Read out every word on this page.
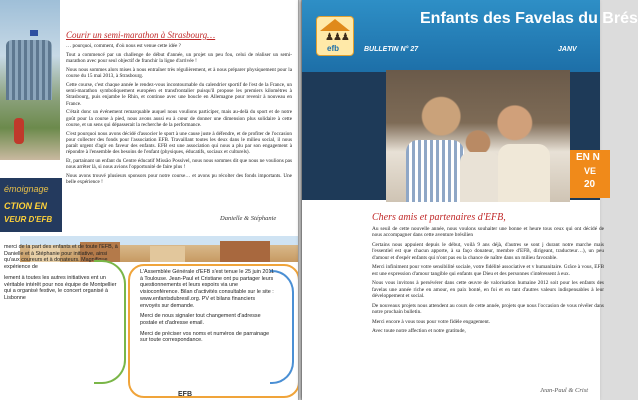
émoignage
CTION EN
VEUR D'EFB
Courir un semi-marathon à Strasbourg…

… pourquoi, comment, d'où nous est venue cette idée ?

Tout a commencé par un challenge de début d'année, un projet un peu fou, celui de réaliser un semi-marathon avec pour seul objectif de franchir la ligne d'arrivée !

Nous nous sommes alors mises à nous entraîner très régulièrement, et à nous préparer physiquement pour la course du 15 mai 2013, à Strasbourg.

Cette course, c'est chaque année le rendez-vous incontournable du calendrier sportif de l'est de la France, un semi-marathon symboliquement européen et transfrontalier puisqu'il propose les premiers kilomètres à Strasbourg, puis enjambe le Rhin, et continue avec une boucle en Allemagne pour revenir à nouveau en France.

C'était donc un événement remarquable auquel nous voulions participer, mais au-delà du sport et de notre goût pour la course à pied, nous avons aussi eu à cœur de donner une dimension plus solidaire à cette course, et un sens qui dépasserait la recherche de la performance.

C'est pourquoi nous avons décidé d'associer le sport à une cause juste à défendre, et de profiter de l'occasion pour collecter des fonds pour l'association EFB. Travaillant toutes les deux dans le milieu social, il nous paraît urgent d'agir en faveur des enfants. EFB est une association qui nous a plu par son engagement à répondre à l'ensemble des besoins de l'enfant (physiques, éducatifs, sociaux et culturels).

Et, partainant un enfant du Centre éducatif Missão Possível, nous nous sommes dit que nous ne voulions pas nous arrêter là, si nous avions l'opportunité de faire plus !

Nous avons trouvé plusieurs sponsors pour notre course… et avons pu récolter des fonds importants. Une belle expérience !

Danielle & Stéphanie

merci de la part des enfants et de toute l'EFB, à Danielle et à Stéphanie pour initiative, ainsi qu'aux coureurs et à donateurs. Magnifique expérience de

lement à toutes les autres initiatives ent un véritable intérêt pour nos équipe de Montpellier qui a organisé festive, le concert organisé à Lisbonne

L'Assemblée Générale d'EFB s'est tenue le 25 juin 2011 à Toulouse. Jean-Paul et Cristiane ont pu partager leurs questionnements et leurs espoirs via une visioconférence. Bilan d'activités consultable sur le site : www.enfantsdubresil.org. PV et bilans financiers envoyés sur demande.

Merci de nous signaler tout changement d'adresse postale et d'adresse email.

Merci de préciser vos noms et numéros de parrainage sur toute correspondance.

EFB
♟♟♟
efb
Enfants des Favelas du Brés
BULLETIN N° 27	JANV
EN N
VE
20
Chers amis et partenaires d'EFB,

Au seuil de cette nouvelle année, nous voulons souhaiter une bonne et heure tous ceux qui ont décidé de nous accompagner dans cette aventure brésilien

Certains nous appuient depuis le début, voilà 9 ans déjà, d'autres se sont j durant notre marche mais l'essentiel est que chacun apporte, à sa faço donateur, membre d'EFB, dirigeant, traducteur…), un peu d'amour et d'espér enfants qui n'ont pas eu la chance de naître dans un milieu favorable.

Merci infiniment pour votre sensibilité sociale, votre fidélité associative et v humanitaire. Grâce à vous, EFB est une expression d'amour tangible qui enfants que Dieu et des personnes s'intéressent à eux.

Nous vous invitons à persévérer dans cette œuvre de valorisation humaine 2012 soit pour les enfants des favelas une année riche en amour, en paix bonté, en foi et en tant d'autres valeurs indispensables à leur développement et social.

De nouveaux projets nous attendent au cours de cette année, projets que nous l'occasion de vous révéler dans notre prochain bulletin.

Merci encore à vous tous pour votre fidèle engagement.

Avec toute notre affection et notre gratitude,

Jean-Paul & Crist
